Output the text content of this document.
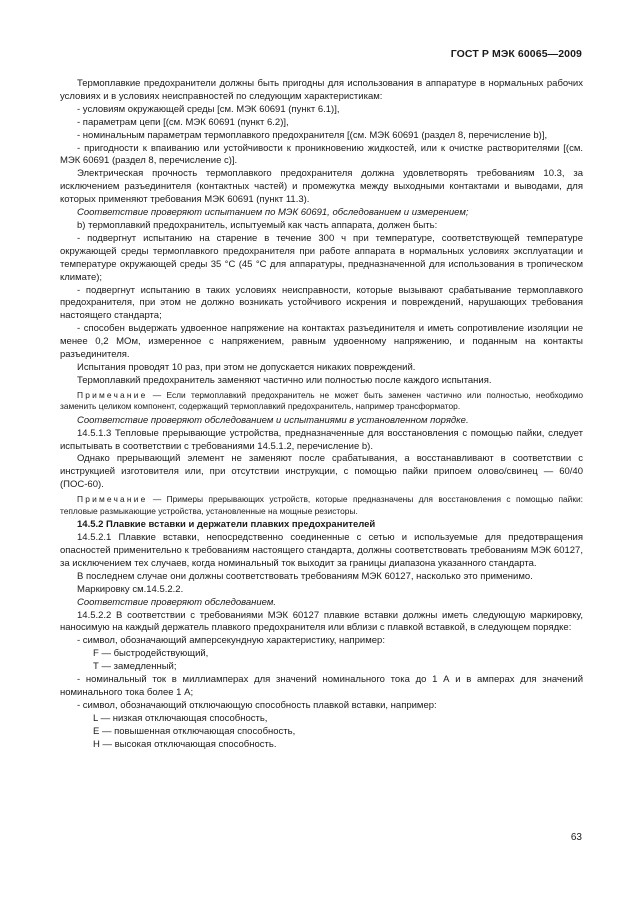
ГОСТ Р МЭК 60065—2009

Термоплавкие предохранители должны быть пригодны для использования в аппаратуре в нормальных рабочих условиях и в условиях неисправностей по следующим характеристикам:

- условиям окружающей среды [см. МЭК 60691 (пункт 6.1)],

- параметрам цепи [(см. МЭК 60691 (пункт 6.2)],

- номинальным параметрам термоплавкого предохранителя [(см. МЭК 60691 (раздел 8, перечисление b)],

- пригодности к впаиванию или устойчивости к проникновению жидкостей, или к очистке растворителями [(см. МЭК 60691 (раздел 8, перечисление c)].

Электрическая прочность термоплавкого предохранителя должна удовлетворять требованиям 10.3, за исключением разъединителя (контактных частей) и промежутка между выходными контактами и выводами, для которых применяют требования МЭК 60691 (пункт 11.3).

Соответствие проверяют испытанием по МЭК 60691, обследованием и измерением;

b) термоплавкий предохранитель, испытуемый как часть аппарата, должен быть:

- подвергнут испытанию на старение в течение 300 ч при температуре, соответствующей температуре окружающей среды термоплавкого предохранителя при работе аппарата в нормальных условиях эксплуатации и температуре окружающей среды 35 °С (45 °С для аппаратуры, предназначенной для использования в тропическом климате);

- подвергнут испытанию в таких условиях неисправности, которые вызывают срабатывание термоплавкого предохранителя, при этом не должно возникать устойчивого искрения и повреждений, нарушающих требования настоящего стандарта;

- способен выдержать удвоенное напряжение на контактах разъединителя и иметь сопротивление изоляции не менее 0,2 МОм, измеренное с напряжением, равным удвоенному напряжению, и поданным на контакты разъединителя.

Испытания проводят 10 раз, при этом не допускается никаких повреждений.

Термоплавкий предохранитель заменяют частично или полностью после каждого испытания.

Примечание — Если термоплавкий предохранитель не может быть заменен частично или полностью, необходимо заменить целиком компонент, содержащий термоплавкий предохранитель, например трансформатор.

Соответствие проверяют обследованием и испытаниями в установленном порядке.

14.5.1.3 Тепловые прерывающие устройства, предназначенные для восстановления с помощью пайки, следует испытывать в соответствии с требованиями 14.5.1.2, перечисление b).

Однако прерывающий элемент не заменяют после срабатывания, а восстанавливают в соответствии с инструкцией изготовителя или, при отсутствии инструкции, с помощью пайки припоем олово/свинец — 60/40 (ПОС-60).

Примечание — Примеры прерывающих устройств, которые предназначены для восстановления с помощью пайки: тепловые размыкающие устройства, установленные на мощные резисторы.

14.5.2 Плавкие вставки и держатели плавких предохранителей

14.5.2.1 Плавкие вставки, непосредственно соединенные с сетью и используемые для предотвращения опасностей применительно к требованиям настоящего стандарта, должны соответствовать требованиям МЭК 60127, за исключением тех случаев, когда номинальный ток выходит за границы диапазона указанного стандарта.

В последнем случае они должны соответствовать требованиям МЭК 60127, насколько это применимо.

Маркировку см.14.5.2.2.

Соответствие проверяют обследованием.

14.5.2.2 В соответствии с требованиями МЭК 60127 плавкие вставки должны иметь следующую маркировку, наносимую на каждый держатель плавкого предохранителя или вблизи с плавкой вставкой, в следующем порядке:

- символ, обозначающий амперсекундную характеристику, например:

F — быстродействующий,

Т — замедленный;

- номинальный ток в миллиамперах для значений номинального тока до 1 А и в амперах для значений номинального тока более 1 А;

- символ, обозначающий отключающую способность плавкой вставки, например:

L — низкая отключающая способность,

Е — повышенная отключающая способность,

Н — высокая отключающая способность.

63
